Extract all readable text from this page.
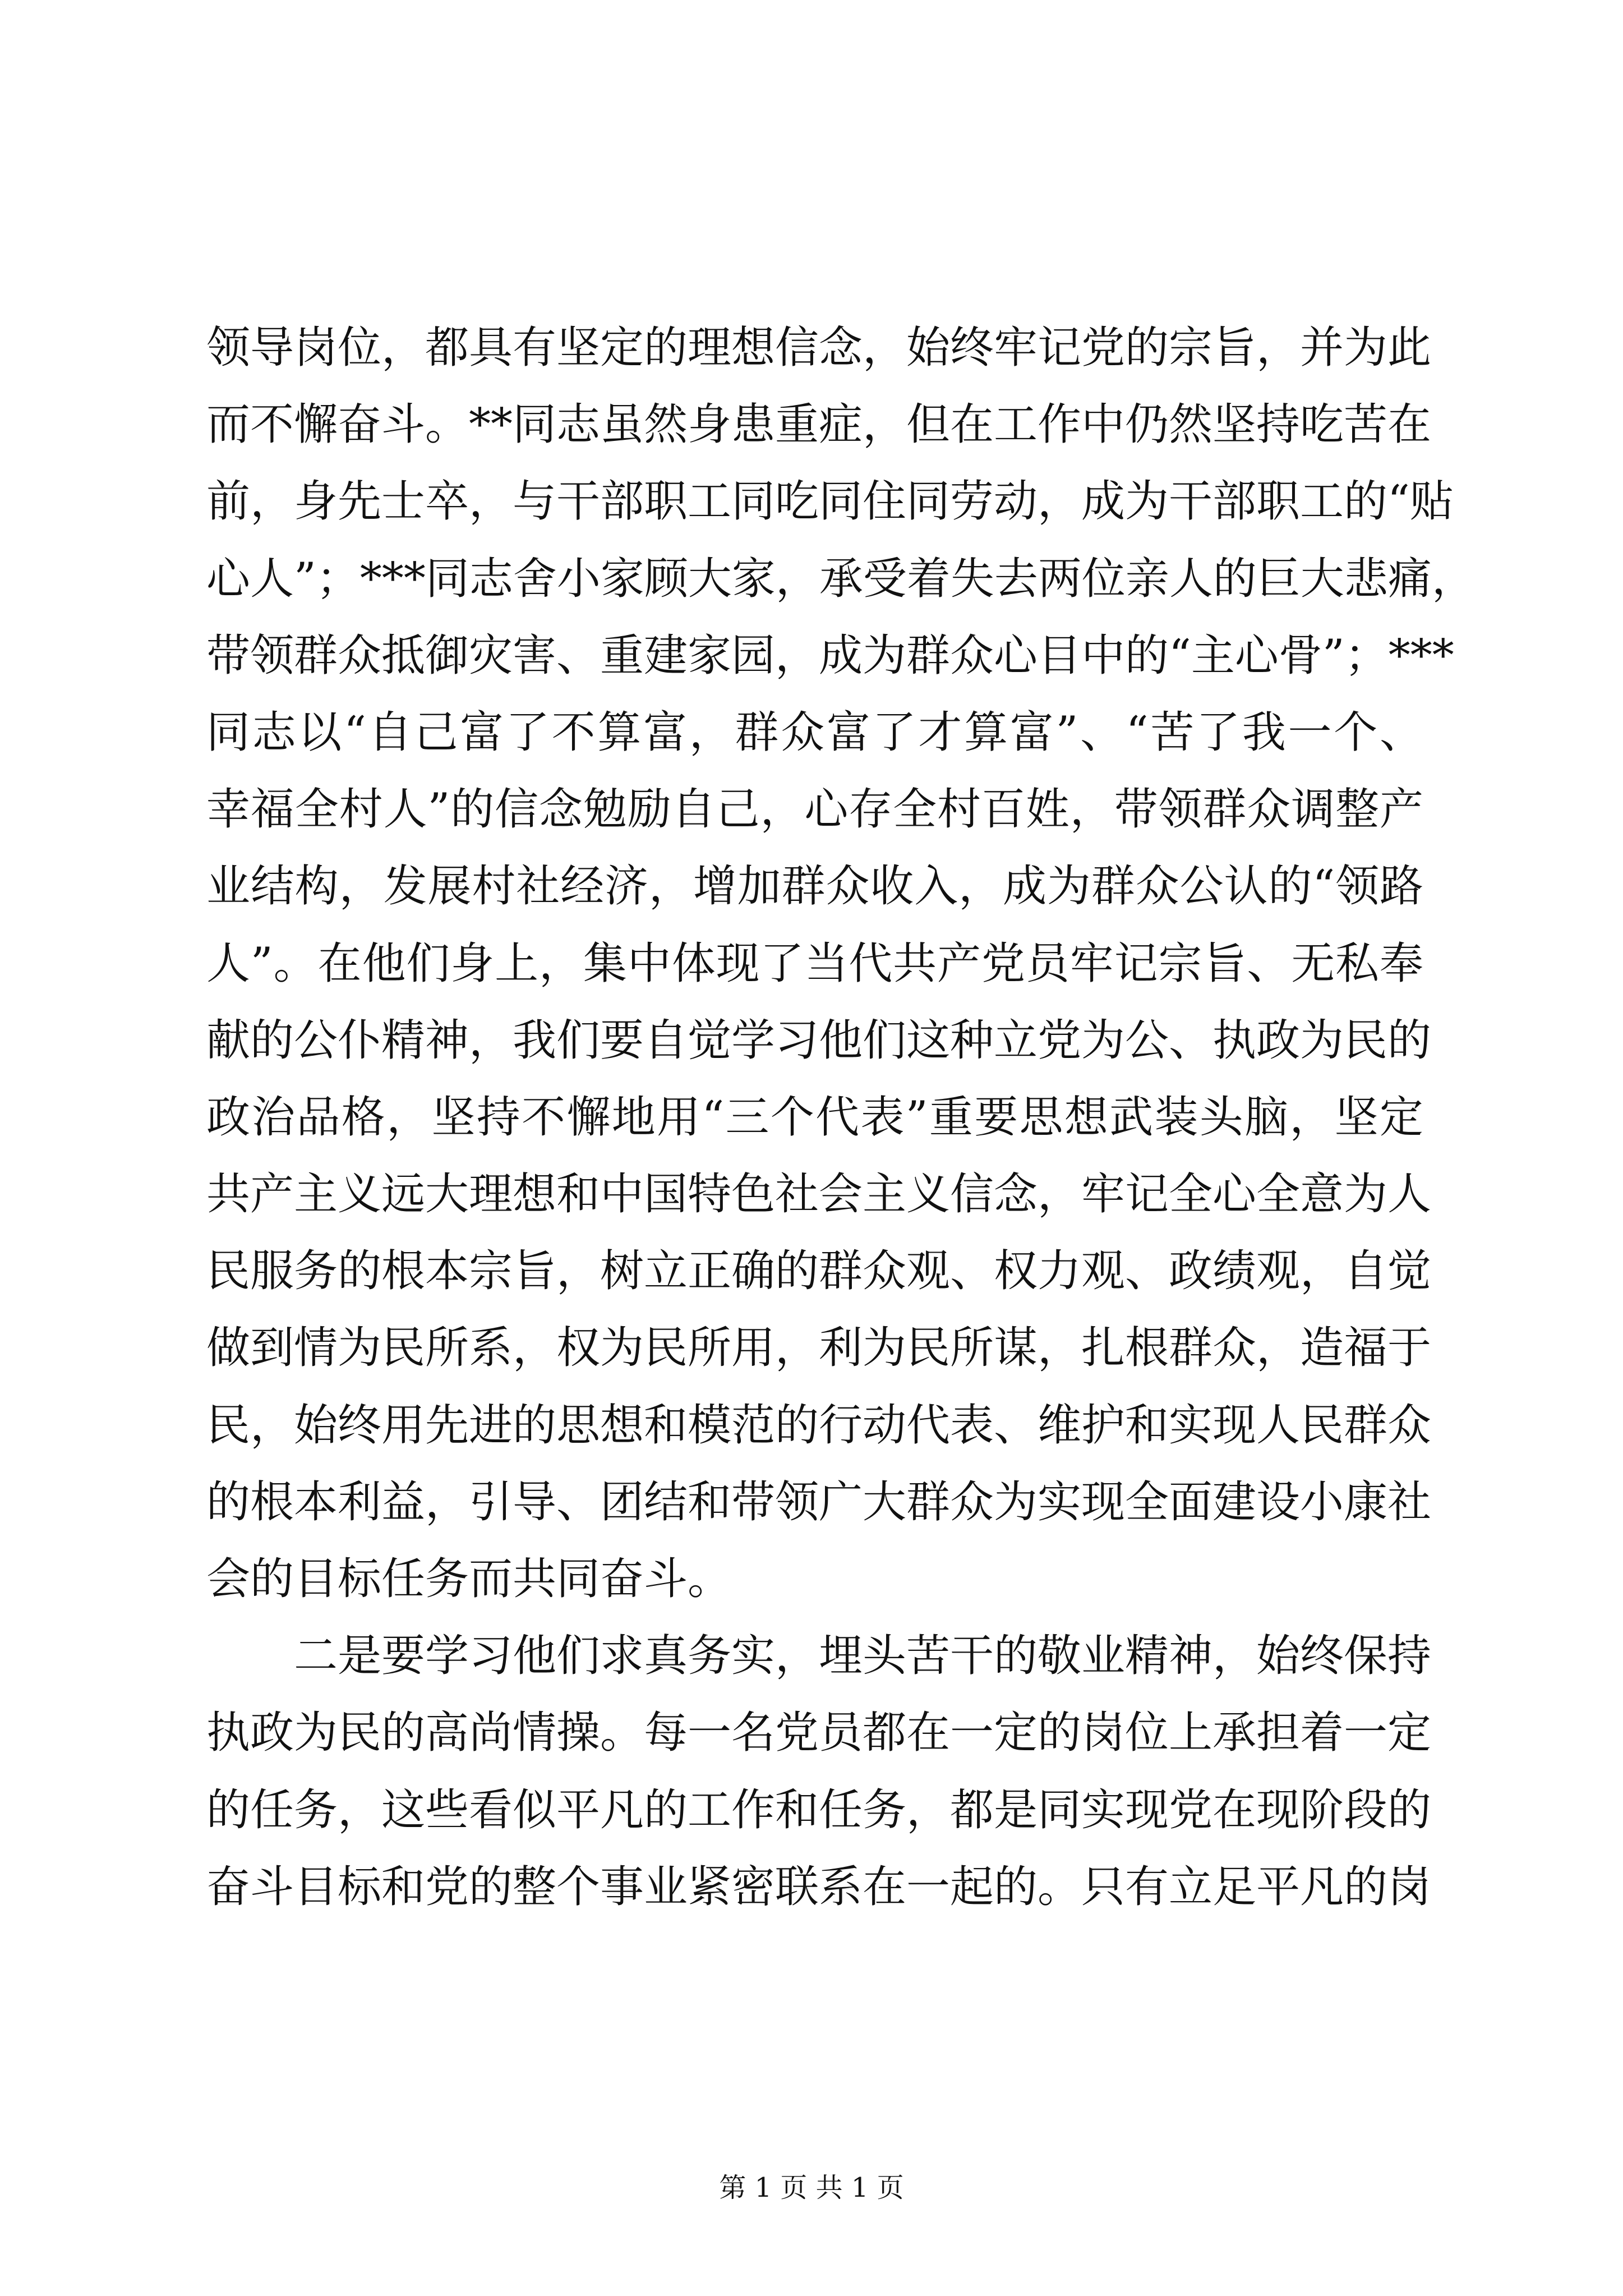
领导岗位，都具有坚定的理想信念，始终牢记党的宗旨，并为此
而不懈奋斗。**同志虽然身患重症，但在工作中仍然坚持吃苦在
前，身先士卒，与干部职工同吃同住同劳动，成为干部职工的“贴
心人”；***同志舍小家顾大家，承受着失去两位亲人的巨大悲痛，
带领群众抵御灾害、重建家园，成为群众心目中的“主心骨”；***
同志以“自己富了不算富，群众富了才算富”、“苦了我一个、
幸福全村人”的信念勉励自己，心存全村百姓，带领群众调整产
业结构，发展村社经济，增加群众收入，成为群众公认的“领路
人”。在他们身上，集中体现了当代共产党员牢记宗旨、无私奉
献的公仆精神，我们要自觉学习他们这种立党为公、执政为民的
政治品格，坚持不懈地用“三个代表”重要思想武装头脑，坚定
共产主义远大理想和中国特色社会主义信念，牢记全心全意为人
民服务的根本宗旨，树立正确的群众观、权力观、政绩观，自觉
做到情为民所系，权为民所用，利为民所谋，扎根群众，造福于
民，始终用先进的思想和模范的行动代表、维护和实现人民群众
的根本利益，引导、团结和带领广大群众为实现全面建设小康社
会的目标任务而共同奋斗。
　　二是要学习他们求真务实，埋头苦干的敬业精神，始终保持
执政为民的高尚情操。每一名党员都在一定的岗位上承担着一定
的任务，这些看似平凡的工作和任务，都是同实现党在现阶段的
奋斗目标和党的整个事业紧密联系在一起的。只有立足平凡的岗
第 1 页 共 1 页
